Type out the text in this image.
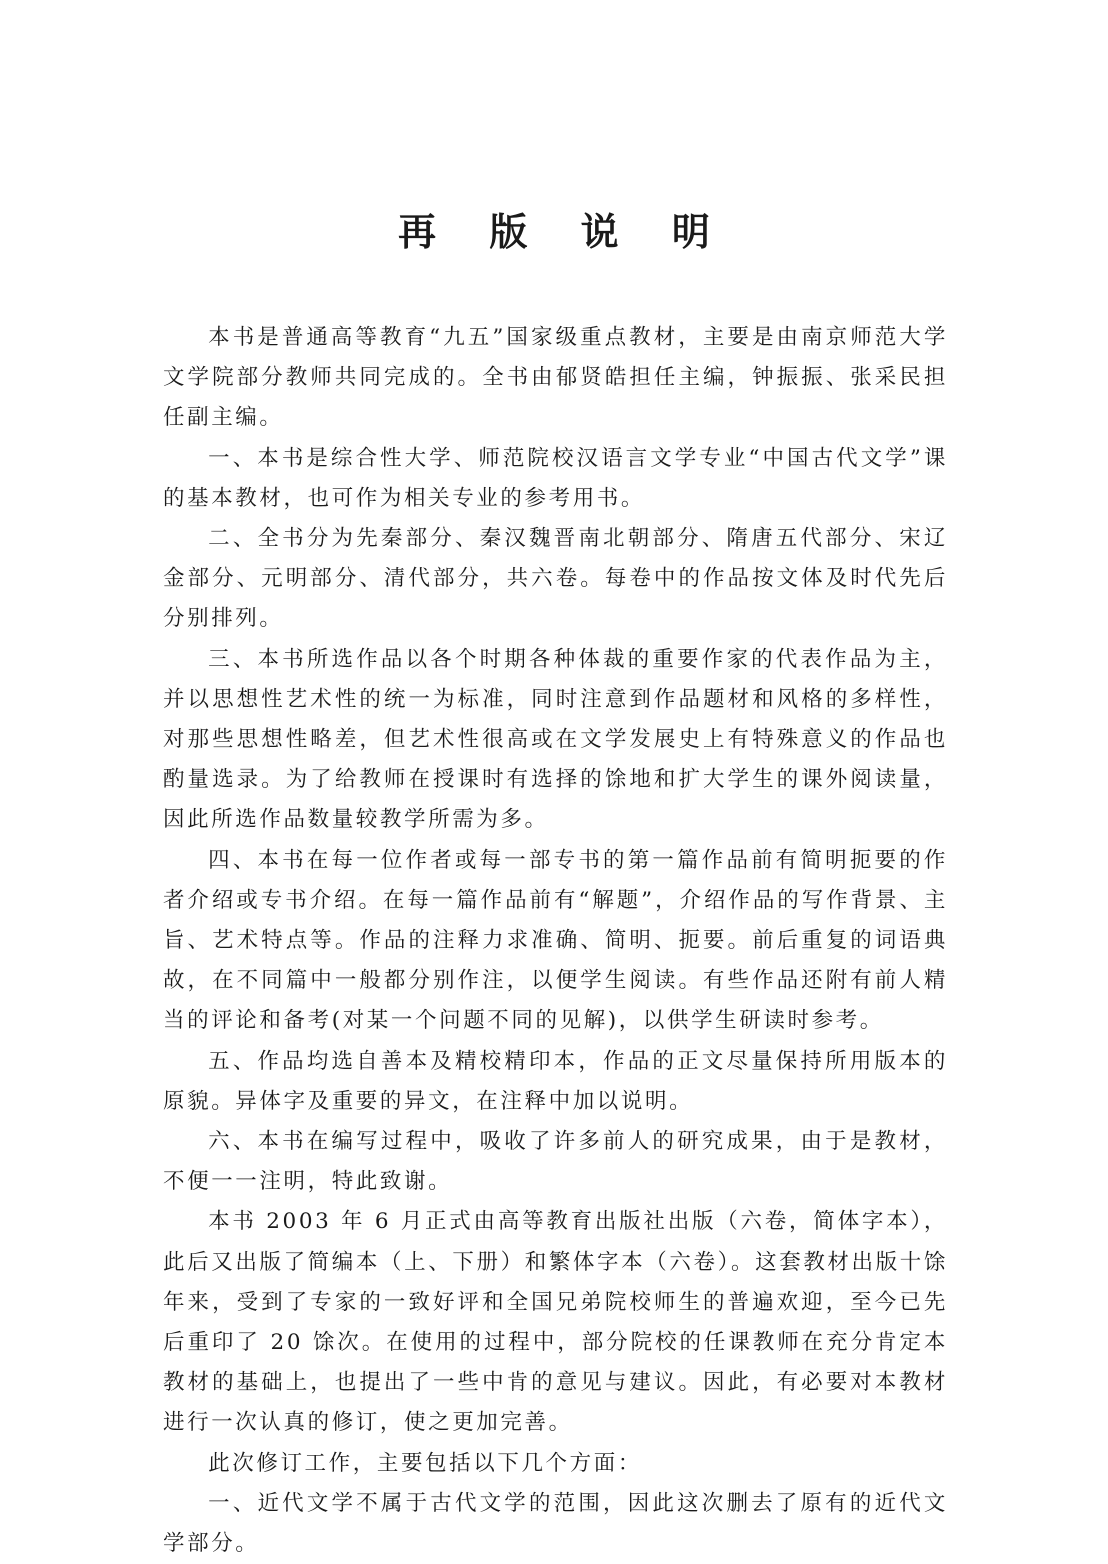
再 版 说 明

本书是普通高等教育“九五”国家级重点教材，主要是由南京师范大学文学院部分教师共同完成的。全书由郁贤皓担任主编，钟振振、张采民担任副主编。

一、本书是综合性大学、师范院校汉语言文学专业“中国古代文学”课的基本教材，也可作为相关专业的参考用书。

二、全书分为先秦部分、秦汉魏晋南北朝部分、隋唐五代部分、宋辽金部分、元明部分、清代部分，共六卷。每卷中的作品按文体及时代先后分别排列。

三、本书所选作品以各个时期各种体裁的重要作家的代表作品为主，并以思想性艺术性的统一为标准，同时注意到作品题材和风格的多样性，对那些思想性略差，但艺术性很高或在文学发展史上有特殊意义的作品也酌量选录。为了给教师在授课时有选择的馀地和扩大学生的课外阅读量，因此所选作品数量较教学所需为多。

四、本书在每一位作者或每一部专书的第一篇作品前有简明扼要的作者介绍或专书介绍。在每一篇作品前有“解题”，介绍作品的写作背景、主旨、艺术特点等。作品的注释力求准确、简明、扼要。前后重复的词语典故，在不同篇中一般都分别作注，以便学生阅读。有些作品还附有前人精当的评论和备考(对某一个问题不同的见解)，以供学生研读时参考。

五、作品均选自善本及精校精印本，作品的正文尽量保持所用版本的原貌。异体字及重要的异文，在注释中加以说明。

六、本书在编写过程中，吸收了许多前人的研究成果，由于是教材，不便一一注明，特此致谢。

本书 2003 年 6 月正式由高等教育出版社出版（六卷，简体字本），此后又出版了简编本（上、下册）和繁体字本（六卷）。这套教材出版十馀年来，受到了专家的一致好评和全国兄弟院校师生的普遍欢迎，至今已先后重印了 20 馀次。在使用的过程中，部分院校的任课教师在充分肯定本教材的基础上，也提出了一些中肯的意见与建议。因此，有必要对本教材进行一次认真的修订，使之更加完善。

此次修订工作，主要包括以下几个方面：

一、近代文学不属于古代文学的范围，因此这次删去了原有的近代文学部分。
